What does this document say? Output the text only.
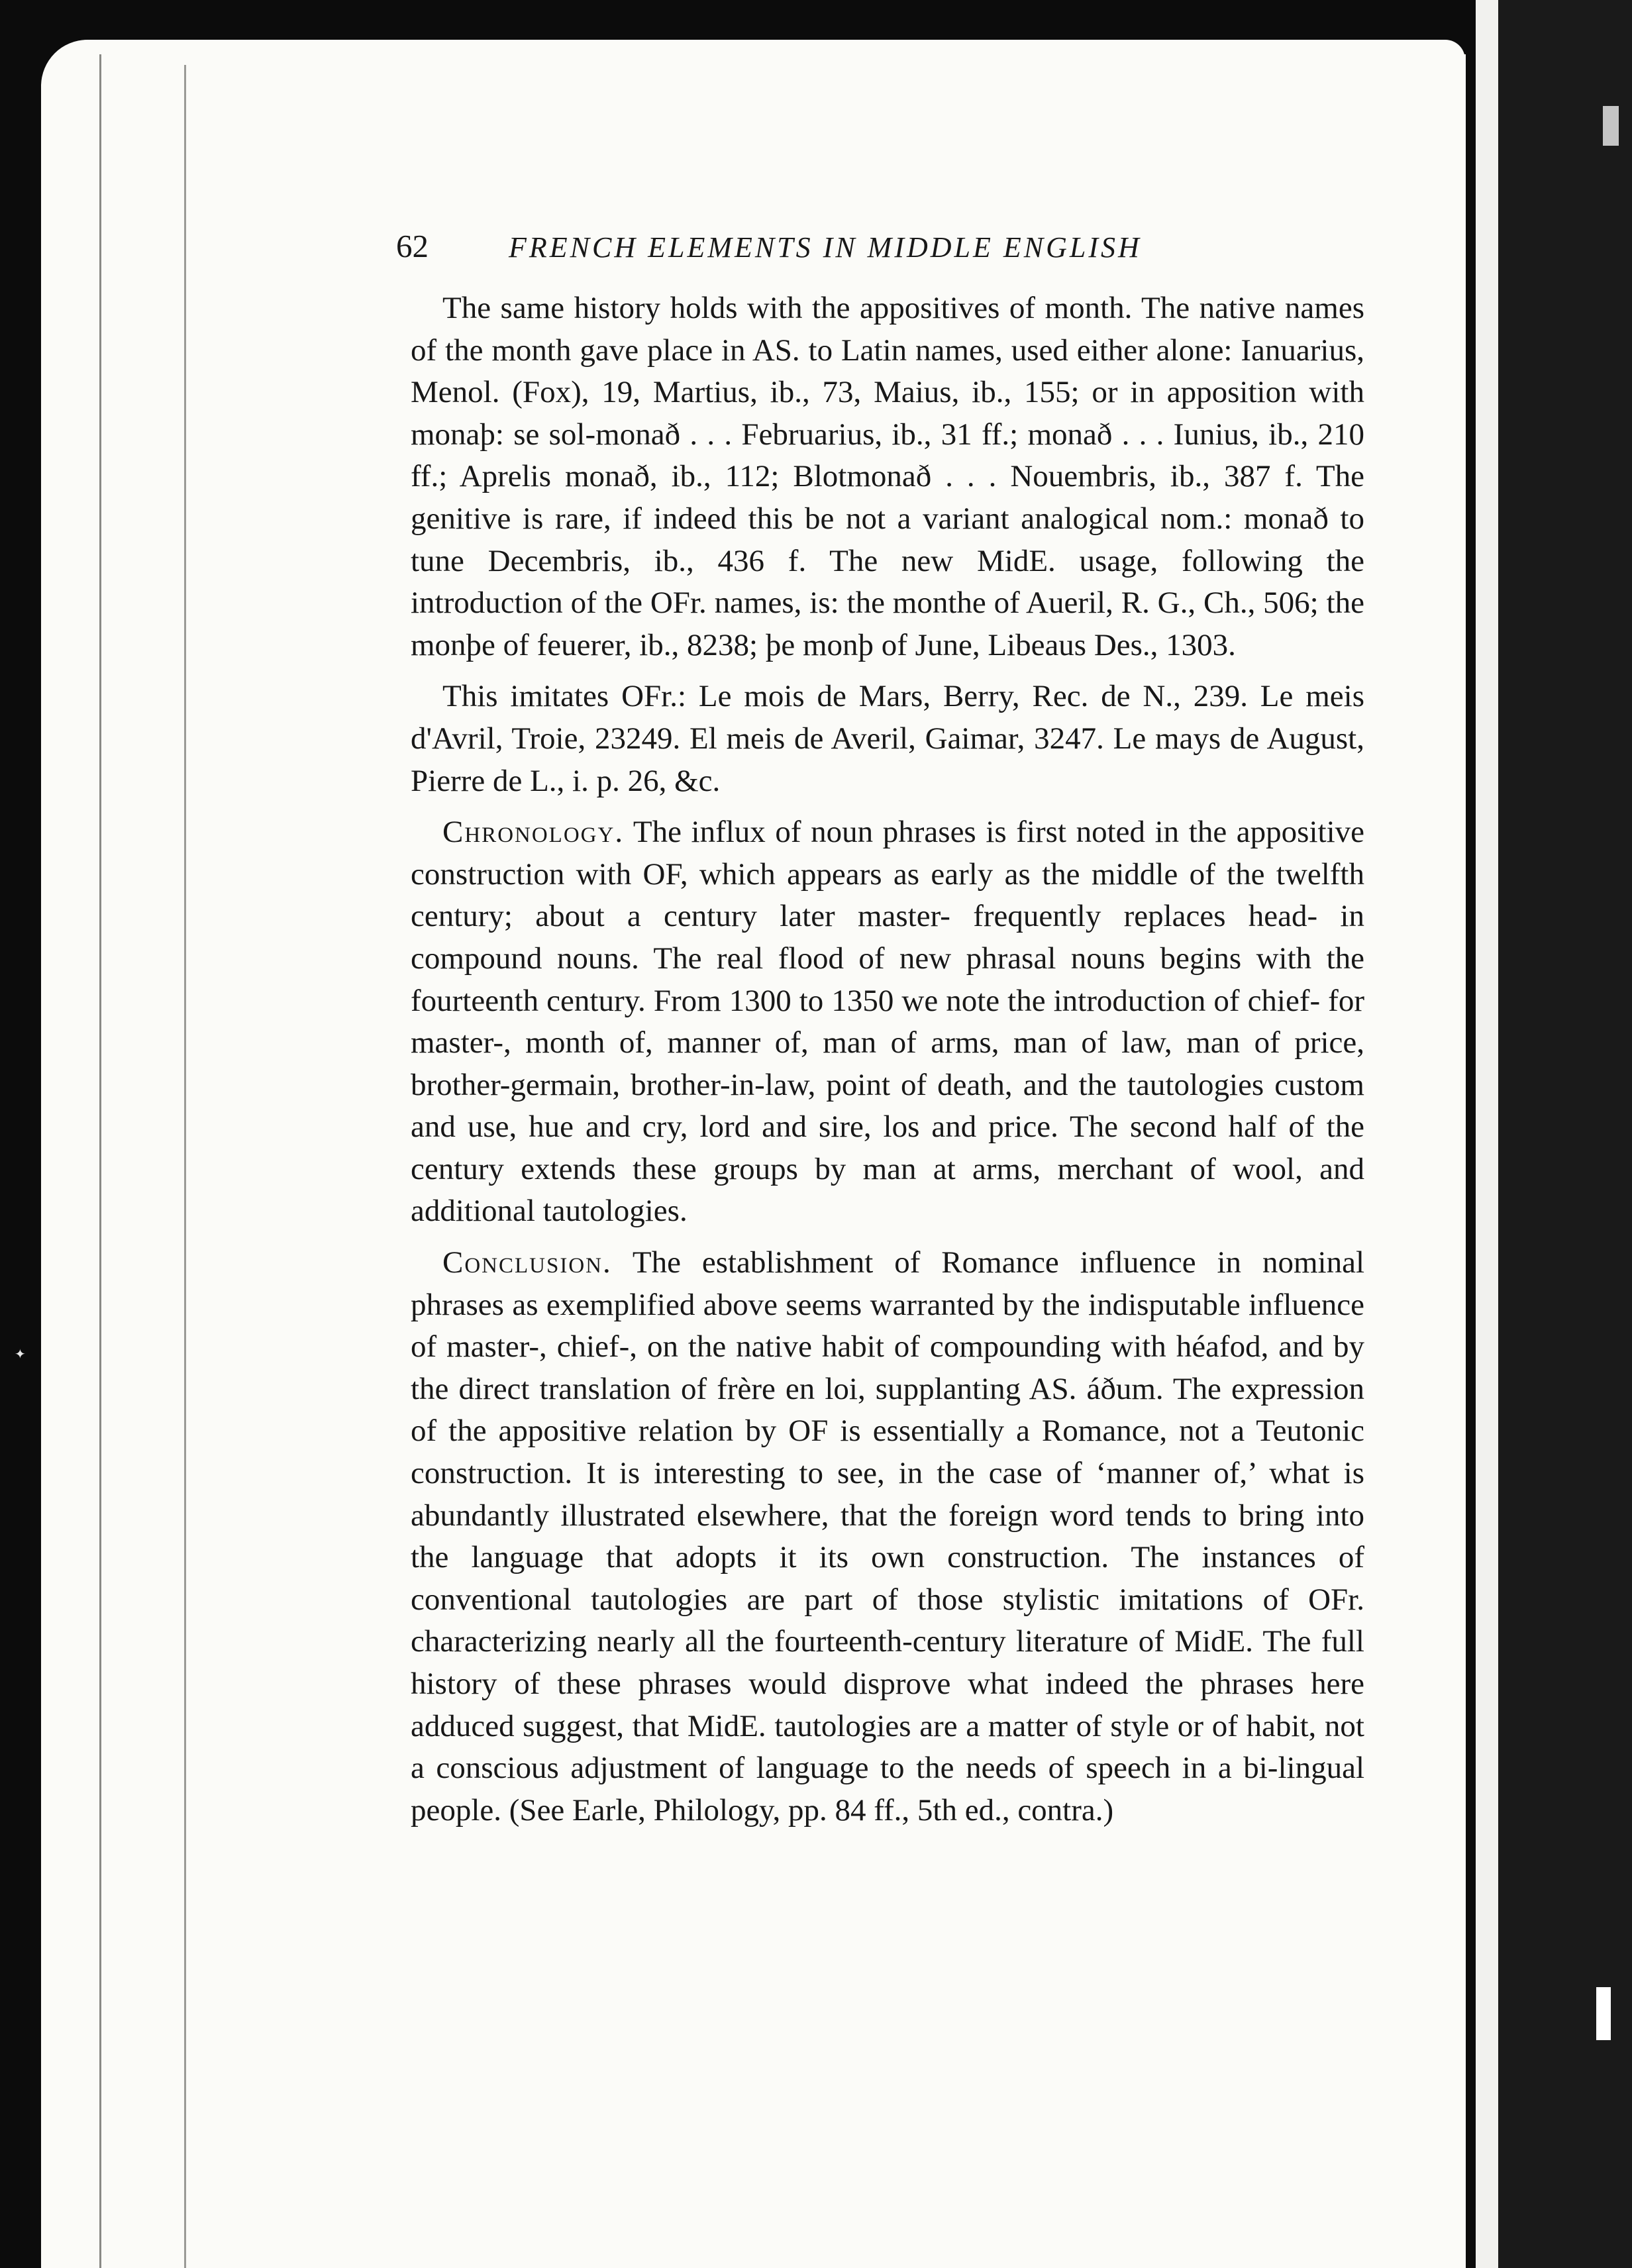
✦
62	FRENCH ELEMENTS IN MIDDLE ENGLISH

The same history holds with the appositives of month. The native names of the month gave place in AS. to Latin names, used either alone: Ianuarius, Menol. (Fox), 19, Martius, ib., 73, Maius, ib., 155; or in apposition with monaþ: se sol-monað . . . Februarius, ib., 31 ff.; monað . . . Iunius, ib., 210 ff.; Aprelis monað, ib., 112; Blotmonað . . . Nouembris, ib., 387 f. The genitive is rare, if indeed this be not a variant analogical nom.: monað to tune Decembris, ib., 436 f. The new MidE. usage, following the introduction of the OFr. names, is: the monthe of Aueril, R. G., Ch., 506; the monþe of feuerer, ib., 8238; þe monþ of June, Libeaus Des., 1303.

This imitates OFr.: Le mois de Mars, Berry, Rec. de N., 239. Le meis d'Avril, Troie, 23249. El meis de Averil, Gaimar, 3247. Le mays de August, Pierre de L., i. p. 26, &c.

Chronology. The influx of noun phrases is first noted in the appositive construction with OF, which appears as early as the middle of the twelfth century; about a century later master- frequently replaces head- in compound nouns. The real flood of new phrasal nouns begins with the fourteenth century. From 1300 to 1350 we note the introduction of chief- for master-, month of, manner of, man of arms, man of law, man of price, brother-germain, brother-in-law, point of death, and the tautologies custom and use, hue and cry, lord and sire, los and price. The second half of the century extends these groups by man at arms, merchant of wool, and additional tautologies.

Conclusion. The establishment of Romance influence in nominal phrases as exemplified above seems warranted by the indisputable influence of master-, chief-, on the native habit of compounding with héafod, and by the direct translation of frère en loi, supplanting AS. áðum. The expression of the appositive relation by OF is essentially a Romance, not a Teutonic construction. It is interesting to see, in the case of ‘manner of,’ what is abundantly illustrated elsewhere, that the foreign word tends to bring into the language that adopts it its own construction. The instances of conventional tautologies are part of those stylistic imitations of OFr. characterizing nearly all the fourteenth-century literature of MidE. The full history of these phrases would disprove what indeed the phrases here adduced suggest, that MidE. tautologies are a matter of style or of habit, not a conscious adjustment of language to the needs of speech in a bi-lingual people. (See Earle, Philology, pp. 84 ff., 5th ed., contra.)
